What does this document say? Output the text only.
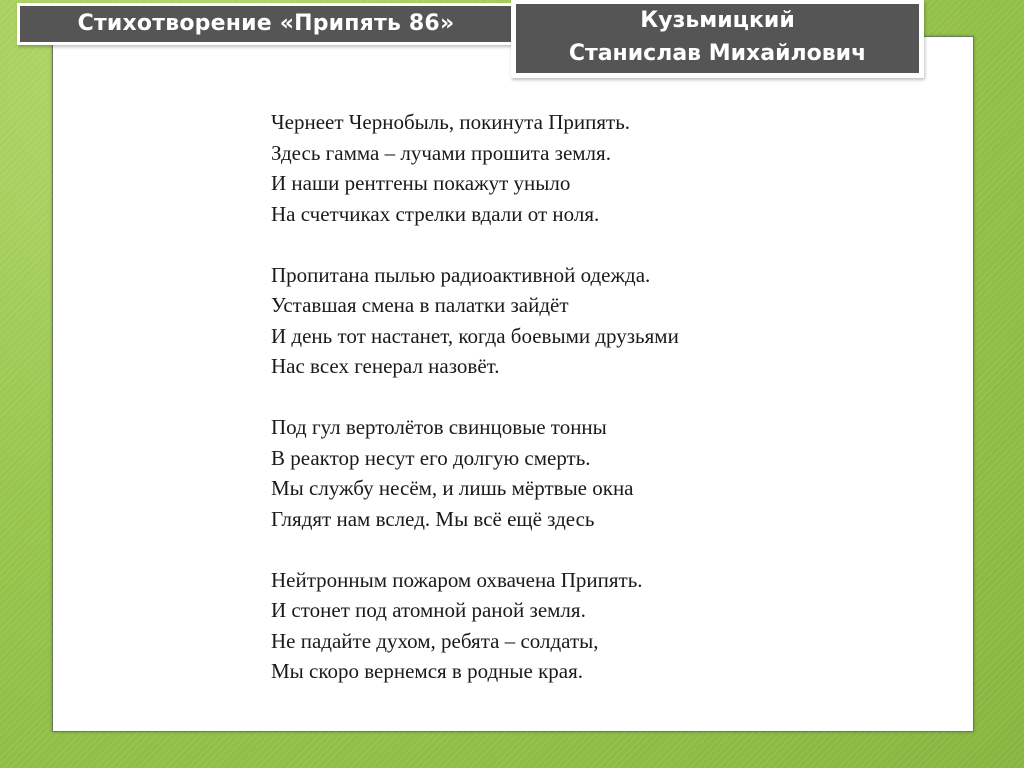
Стихотворение «Припять 86»	Кузьмицкий
Станислав Михайлович
Чернеет Чернобыль, покинута Припять.
Здесь гамма – лучами прошита земля.
И наши рентгены покажут уныло
На счетчиках стрелки вдали от ноля.
Пропитана пылью радиоактивной одежда.
Уставшая смена в палатки зайдёт
И день тот настанет, когда боевыми друзьями
Нас всех генерал назовёт.
Под гул вертолётов свинцовые тонны
В реактор несут его долгую смерть.
Мы службу несём, и лишь мёртвые окна
Глядят нам вслед. Мы всё ещё здесь
Нейтронным пожаром охвачена Припять.
И стонет под атомной раной земля.
Не падайте духом, ребята – солдаты,
Мы скоро вернемся в родные края.
